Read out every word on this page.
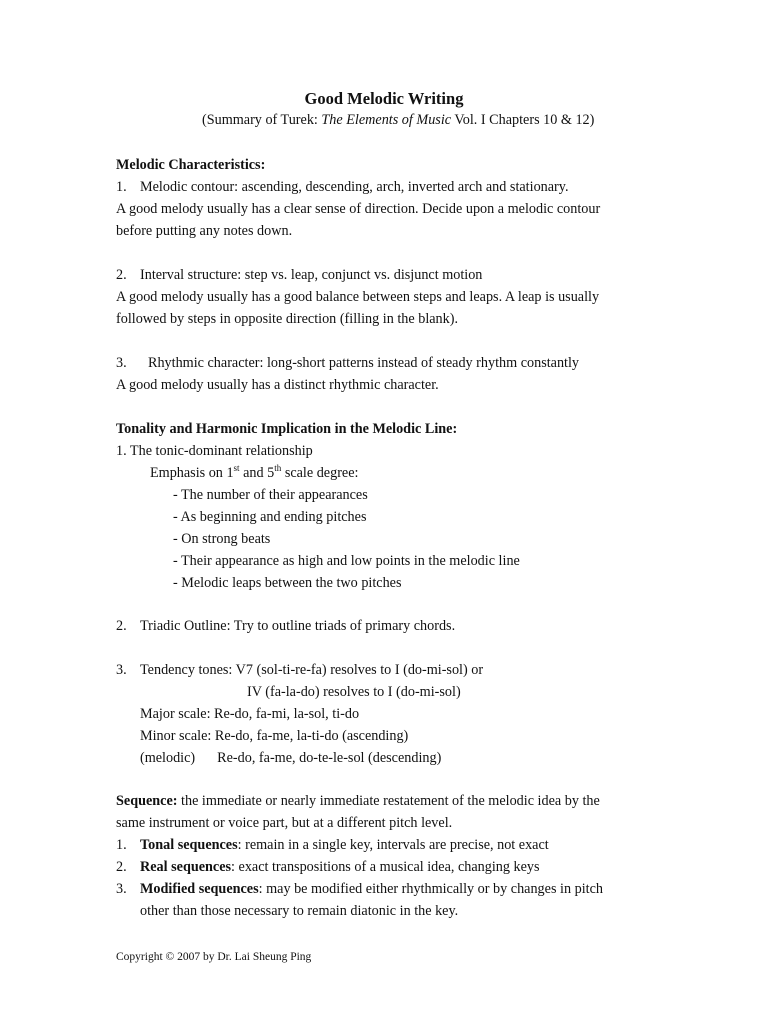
Good Melodic Writing
(Summary of Turek: The Elements of Music Vol. I Chapters 10 & 12)
Melodic Characteristics:
1. Melodic contour: ascending, descending, arch, inverted arch and stationary.
A good melody usually has a clear sense of direction. Decide upon a melodic contour
before putting any notes down.
2. Interval structure: step vs. leap, conjunct vs. disjunct motion
A good melody usually has a good balance between steps and leaps. A leap is usually
followed by steps in opposite direction (filling in the blank).
3. Rhythmic character: long-short patterns instead of steady rhythm constantly
A good melody usually has a distinct rhythmic character.
Tonality and Harmonic Implication in the Melodic Line:
1. The tonic-dominant relationship
Emphasis on 1st and 5th scale degree:
- The number of their appearances
- As beginning and ending pitches
- On strong beats
- Their appearance as high and low points in the melodic line
- Melodic leaps between the two pitches
2. Triadic Outline: Try to outline triads of primary chords.
3. Tendency tones: V7 (sol-ti-re-fa) resolves to I (do-mi-sol) or
IV (fa-la-do) resolves to I (do-mi-sol)
Major scale: Re-do, fa-mi, la-sol, ti-do
Minor scale: Re-do, fa-me, la-ti-do (ascending)
(melodic) Re-do, fa-me, do-te-le-sol (descending)
Sequence: the immediate or nearly immediate restatement of the melodic idea by the
same instrument or voice part, but at a different pitch level.
1. Tonal sequences: remain in a single key, intervals are precise, not exact
2. Real sequences: exact transpositions of a musical idea, changing keys
3. Modified sequences: may be modified either rhythmically or by changes in pitch
other than those necessary to remain diatonic in the key.
Copyright © 2007 by Dr. Lai Sheung Ping
